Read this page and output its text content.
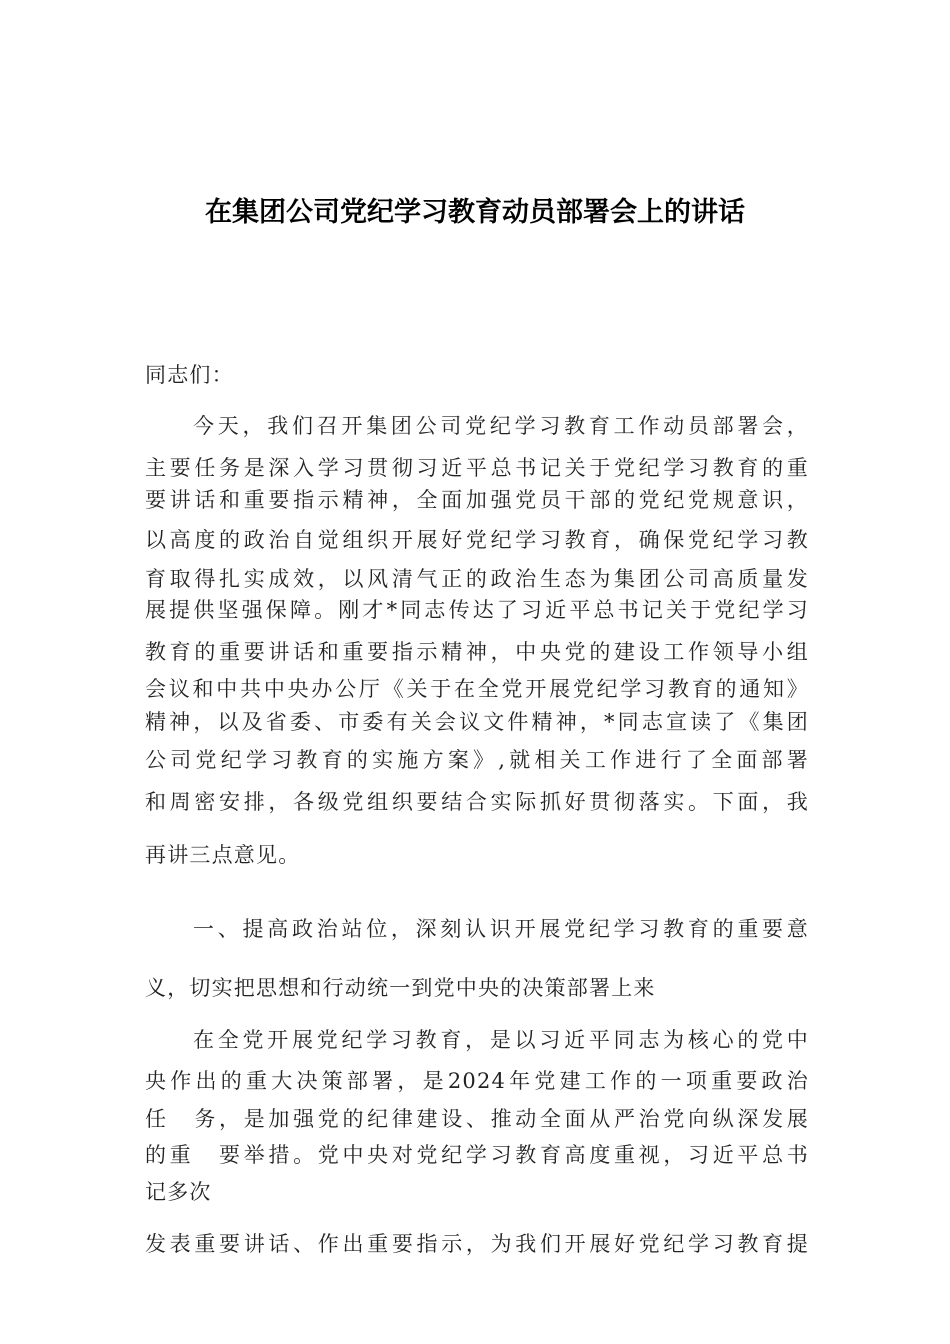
在集团公司党纪学习教育动员部署会上的讲话
同志们：
今天，我们召开集团公司党纪学习教育工作动员部署会，
主要任务是深入学习贯彻习近平总书记关于党纪学习教育的重
要讲话和重要指示精神，全面加强党员干部的党纪党规意识，
以高度的政治自觉组织开展好党纪学习教育，确保党纪学习教
育取得扎实成效，以风清气正的政治生态为集团公司高质量发
展提供坚强保障。刚才*同志传达了习近平总书记关于党纪学习
教育的重要讲话和重要指示精神，中央党的建设工作领导小组
会议和中共中央办公厅《关于在全党开展党纪学习教育的通知》
精神，以及省委、市委有关会议文件精神，*同志宣读了《集团
公司党纪学习教育的实施方案》,就相关工作进行了全面部署
和周密安排，各级党组织要结合实际抓好贯彻落实。下面，我
再讲三点意见。
一、提高政治站位，深刻认识开展党纪学习教育的重要意
义，切实把思想和行动统一到党中央的决策部署上来
在全党开展党纪学习教育，是以习近平同志为核心的党中
央作出的重大决策部署，是2024年党建工作的一项重要政治
任　务，是加强党的纪律建设、推动全面从严治党向纵深发展
的重　要举措。党中央对党纪学习教育高度重视，习近平总书
记多次
发表重要讲话、作出重要指示，为我们开展好党纪学习教育提
